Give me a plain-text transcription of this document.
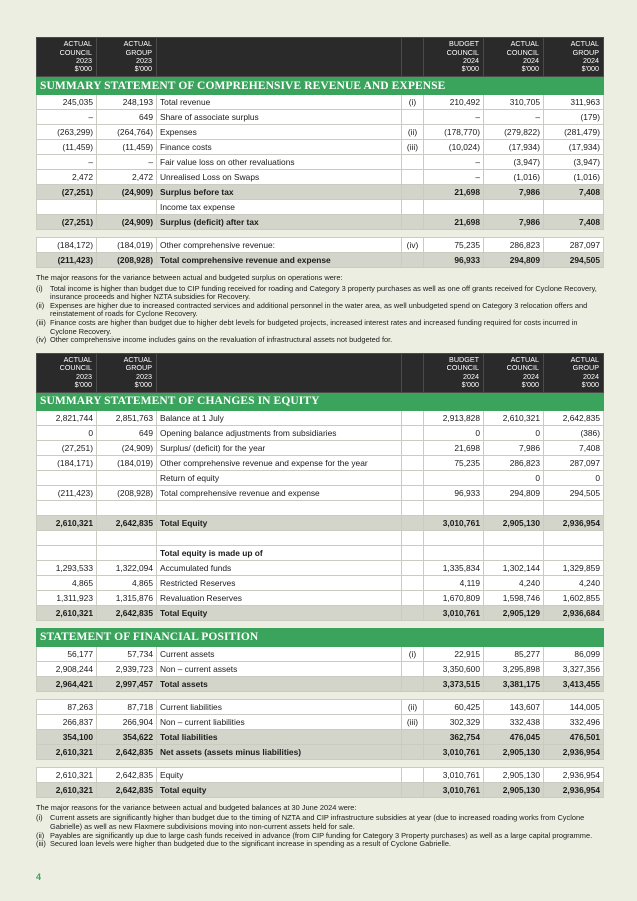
ACTUAL
COUNCIL
2023
$'000	ACTUAL
GROUP
2023
$'000			BUDGET
COUNCIL
2024
$'000	ACTUAL
COUNCIL
2024
$'000	ACTUAL
GROUP
2024
$'000

SUMMARY STATEMENT OF COMPREHENSIVE REVENUE AND EXPENSE						
245,035	248,193	Total revenue	(i)	210,492	310,705	311,963
–	649	Share of associate surplus		–	–	(179)
(263,299)	(264,764)	Expenses	(ii)	(178,770)	(279,822)	(281,479)
(11,459)	(11,459)	Finance costs	(iii)	(10,024)	(17,934)	(17,934)
–	–	Fair value loss on other revaluations		–	(3,947)	(3,947)
2,472	2,472	Unrealised Loss on Swaps		–	(1,016)	(1,016)
(27,251)	(24,909)	Surplus before tax		21,698	7,986	7,408
		Income tax expense				
(27,251)	(24,909)	Surplus (deficit) after tax		21,698	7,986	7,408

(184,172)	(184,019)	Other comprehensive revenue:	(iv)	75,235	286,823	287,097
(211,423)	(208,928)	Total comprehensive revenue and expense		96,933	294,809	294,505

The major reasons for the variance between actual and budgeted surplus on operations were:

(i)	Total income is higher than budget due to CIP funding received for roading and Category 3 property purchases as well as one off grants received for Cyclone Recovery, insurance proceeds and higher NZTA subsidies for Recovery.
(ii) Expenses are higher due to increased contracted services and additional personnel in the water area, as well unbudgeted spend on Category 3 relocation offers and reinstatement of roads for Cyclone Recovery.
(iii) Finance costs are higher than budget due to higher debt levels for budgeted projects, increased interest rates and increased funding required for costs incurred in Cyclone Recovery.
(iv) Other comprehensive income includes gains on the revaluation of infrastructural assets not budgeted for.
ACTUAL
COUNCIL
2023
$'000	ACTUAL
GROUP
2023
$'000			BUDGET
COUNCIL
2024
$'000	ACTUAL
COUNCIL
2024
$'000	ACTUAL
GROUP
2024
$'000

SUMMARY STATEMENT OF CHANGES IN EQUITY						
2,821,744	2,851,763	Balance at 1 July		2,913,828	2,610,321	2,642,835
0	649	Opening balance adjustments from subsidiaries		0	0	(386)
(27,251)	(24,909)	Surplus/ (deficit) for the year		21,698	7,986	7,408
(184,171)	(184,019)	Other comprehensive revenue and expense for the year		75,235	286,823	287,097
		Return of equity			0	0
(211,423)	(208,928)	Total comprehensive revenue and expense		96,933	294,809	294,505

2,610,321	2,642,835	Total Equity		3,010,761	2,905,130	2,936,954

		Total equity is made up of				
1,293,533	1,322,094	Accumulated funds		1,335,834	1,302,144	1,329,859
4,865	4,865	Restricted Reserves		4,119	4,240	4,240
1,311,923	1,315,876	Revaluation Reserves		1,670,809	1,598,746	1,602,855
2,610,321	2,642,835	Total Equity		3,010,761	2,905,129	2,936,684
STATEMENT OF FINANCIAL POSITION						
56,177	57,734	Current assets	(i)	22,915	85,277	86,099
2,908,244	2,939,723	Non – current assets		3,350,600	3,295,898	3,327,356
2,964,421	2,997,457	Total assets		3,373,515	3,381,175	3,413,455

87,263	87,718	Current liabilities	(ii)	60,425	143,607	144,005
266,837	266,904	Non – current liabilities	(iii)	302,329	332,438	332,496
354,100	354,622	Total liabilities		362,754	476,045	476,501
2,610,321	2,642,835	Net assets (assets minus liabilities)		3,010,761	2,905,130	2,936,954

2,610,321	2,642,835	Equity		3,010,761	2,905,130	2,936,954
2,610,321	2,642,835	Total equity		3,010,761	2,905,130	2,936,954

The major reasons for the variance between actual and budgeted balances at 30 June 2024 were:

(i)	Current assets are significantly higher than budget due to the timing of NZTA and CIP infrastructure subsidies at year (due to increased roading works from Cyclone Gabrielle) as well as new Flaxmere subdivisions moving into non-current assets held for sale.
(ii) Payables are significantly up due to large cash funds received in advance (from CIP funding for Category 3 Property purchases) as well as a large capital programme.
(iii) Secured loan levels were higher than budgeted due to the significant increase in spending as a result of Cyclone Gabrielle.
4
